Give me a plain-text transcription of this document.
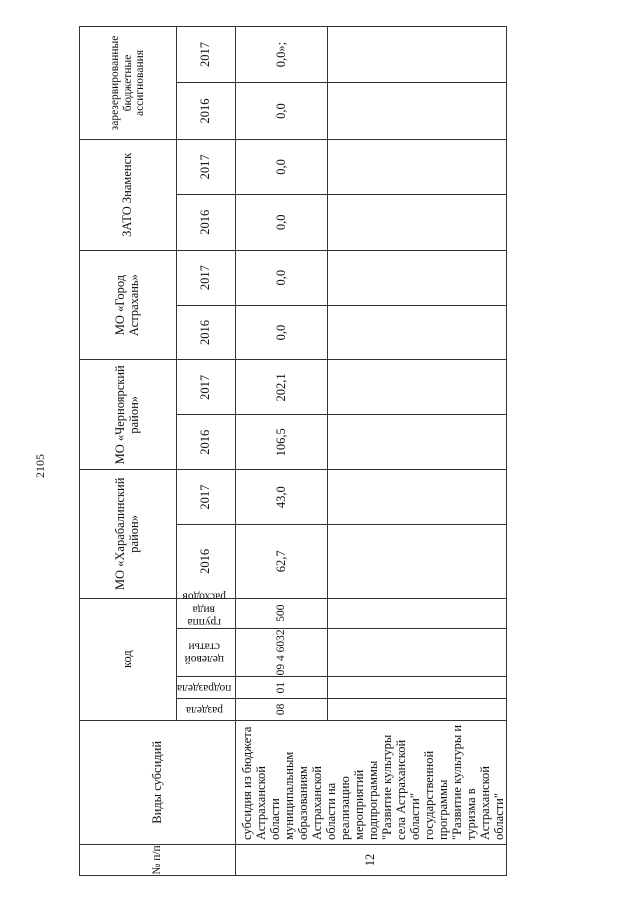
2105
№ п/п	Виды субсидий	код				МО «Харабалинский район»		МО «Черноярский район»		МО «Город Астрахань»		ЗАТО Знаменск		зарезервированные бюджетные ассигнования	
		раздела	подраздела	целевой статьи	группа вида расходов	2016	2017	2016	2017	2016	2017	2016	2017	2016	2017
12	субсидия из бюджета Астраханской области муниципальным образованиям Астраханской области на реализацию мероприятий подпрограммы "Развитие культуры села Астраханской области" государственной программы "Развитие культуры и туризма в Астраханской области"	08	01	09 4 6032	500	62,7	43,0	106,5	202,1	0,0	0,0	0,0	0,0	0,0	0,0»;
